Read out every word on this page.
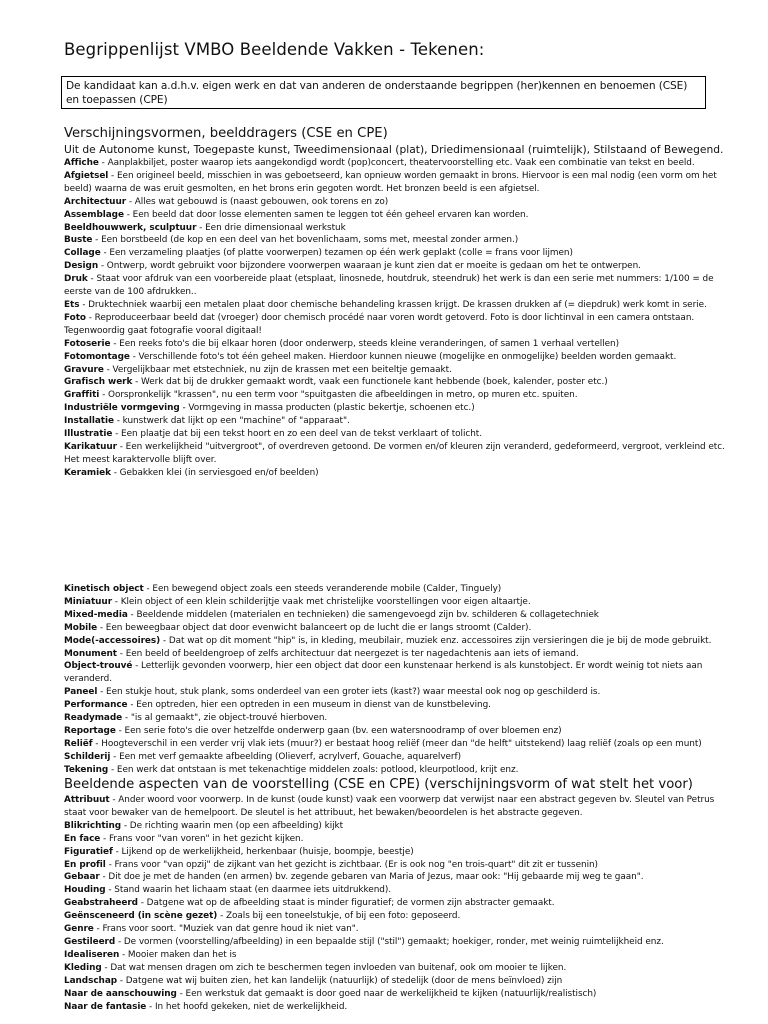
Begrippenlijst VMBO Beeldende Vakken - Tekenen:
De kandidaat kan a.d.h.v. eigen werk en dat van anderen de onderstaande begrippen (her)kennen en benoemen (CSE)
en toepassen (CPE)
Verschijningsvormen, beelddragers (CSE en CPE)
Uit de Autonome kunst, Toegepaste kunst, Tweedimensionaal (plat), Driedimensionaal (ruimtelijk), Stilstaand of Bewegend.
Affiche - Aanplakbiljet, poster waarop iets aangekondigd wordt (pop)concert, theatervoorstelling etc. Vaak een combinatie van tekst en beeld.
Afgietsel - Een origineel beeld, misschien in was geboetseerd, kan opnieuw worden gemaakt in brons. Hiervoor is een mal nodig (een vorm om het
beeld) waarna de was eruit gesmolten, en het brons erin gegoten wordt. Het bronzen beeld is een afgietsel.
Architectuur - Alles wat gebouwd is (naast gebouwen, ook torens en zo)
Assemblage - Een beeld dat door losse elementen samen te leggen tot één geheel ervaren kan worden.
Beeldhouwwerk, sculptuur - Een drie dimensionaal werkstuk
Buste - Een borstbeeld (de kop en een deel van het bovenlichaam, soms met, meestal zonder armen.)
Collage - Een verzameling plaatjes (of platte voorwerpen) tezamen op één werk geplakt (colle = frans voor lijmen)
Design - Ontwerp, wordt gebruikt voor bijzondere voorwerpen waaraan je kunt zien dat er moeite is gedaan om het te ontwerpen.
Druk - Staat voor afdruk van een voorbereide plaat (etsplaat, linosnede, houtdruk, steendruk) het werk is dan een serie met nummers: 1/100 = de
eerste van de 100 afdrukken..
Ets - Druktechniek waarbij een metalen plaat door chemische behandeling krassen krijgt. De krassen drukken af (= diepdruk) werk komt in serie.
Foto - Reproduceerbaar beeld dat (vroeger) door chemisch procédé naar voren wordt getoverd. Foto is door lichtinval in een camera ontstaan.
Tegenwoordig gaat fotografie vooral digitaal!
Fotoserie - Een reeks foto's die bij elkaar horen (door onderwerp, steeds kleine veranderingen, of samen 1 verhaal vertellen)
Fotomontage - Verschillende foto's tot één geheel maken. Hierdoor kunnen nieuwe (mogelijke en onmogelijke) beelden worden gemaakt.
Gravure - Vergelijkbaar met etstechniek, nu zijn de krassen met een beiteltje gemaakt.
Grafisch werk - Werk dat bij de drukker gemaakt wordt, vaak een functionele kant hebbende (boek, kalender, poster etc.)
Graffiti - Oorspronkelijk "krassen", nu een term voor "spuitgasten die afbeeldingen in metro, op muren etc. spuiten.
Industriële vormgeving - Vormgeving in massa producten (plastic bekertje, schoenen etc.)
Installatie - kunstwerk dat lijkt op een "machine" of "apparaat".
Illustratie - Een plaatje dat bij een tekst hoort en zo een deel van de tekst verklaart of tolicht.
Karikatuur - Een werkelijkheid "uitvergroot", of overdreven getoond. De vormen en/of kleuren zijn veranderd, gedeformeerd, vergroot, verkleind etc.
Het meest karaktervolle blijft over.
Keramiek - Gebakken klei (in serviesgoed en/of beelden)
Kinetisch object - Een bewegend object zoals een steeds veranderende mobile (Calder, Tinguely)
Miniatuur - Klein object of een klein schilderijtje vaak met christelijke voorstellingen voor eigen altaartje.
Mixed-media - Beeldende middelen (materialen en technieken) die samengevoegd zijn bv. schilderen & collagetechniek
Mobile - Een beweegbaar object dat door evenwicht balanceert op de lucht die er langs stroomt (Calder).
Mode(-accessoires) - Dat wat op dit moment "hip" is, in kleding, meubilair, muziek enz. accessoires zijn versieringen die je bij de mode gebruikt.
Monument - Een beeld of beeldengroep of zelfs architectuur dat neergezet is ter nagedachtenis aan iets of iemand.
Object-trouvé - Letterlijk gevonden voorwerp, hier een object dat door een kunstenaar herkend is als kunstobject. Er wordt weinig tot niets aan
veranderd.
Paneel - Een stukje hout, stuk plank, soms onderdeel van een groter iets (kast?) waar meestal ook nog op geschilderd is.
Performance - Een optreden, hier een optreden in een museum in dienst van de kunstbeleving.
Readymade - "is al gemaakt", zie object-trouvé hierboven.
Reportage - Een serie foto's die over hetzelfde onderwerp gaan (bv. een watersnoodramp of over bloemen enz)
Reliëf - Hoogteverschil in een verder vrij vlak iets (muur?) er bestaat hoog reliëf (meer dan "de helft" uitstekend) laag reliëf (zoals op een munt)
Schilderij - Een met verf gemaakte afbeelding (Olieverf, acrylverf, Gouache, aquarelverf)
Tekening - Een werk dat ontstaan is met tekenachtige middelen zoals: potlood, kleurpotlood, krijt enz.
Beeldende aspecten van de voorstelling (CSE en CPE) (verschijningsvorm of wat stelt het voor)
Attribuut - Ander woord voor voorwerp. In de kunst (oude kunst) vaak een voorwerp dat verwijst naar een abstract gegeven bv. Sleutel van Petrus
staat voor bewaker van de hemelpoort. De sleutel is het attribuut, het bewaken/beoordelen is het abstracte gegeven.
Blikrichting - De richting waarin men (op een afbeelding) kijkt
En face - Frans voor "van voren" in het gezicht kijken.
Figuratief - Lijkend op de werkelijkheid, herkenbaar (huisje, boompje, beestje)
En profil - Frans voor "van opzij" de zijkant van het gezicht is zichtbaar. (Er is ook nog "en trois-quart" dit zit er tussenin)
Gebaar - Dit doe je met de handen (en armen) bv. zegende gebaren van Maria of Jezus, maar ook: "Hij gebaarde mij weg te gaan".
Houding - Stand waarin het lichaam staat (en daarmee iets uitdrukkend).
Geabstraheerd - Datgene wat op de afbeelding staat is minder figuratief; de vormen zijn abstracter gemaakt.
Geënsceneerd (in scène gezet) - Zoals bij een toneelstukje, of bij een foto: geposeerd.
Genre - Frans voor soort. "Muziek van dat genre houd ik niet van".
Gestileerd - De vormen (voorstelling/afbeelding) in een bepaalde stijl ("stil") gemaakt; hoekiger, ronder, met weinig ruimtelijkheid enz.
Idealiseren - Mooier maken dan het is
Kleding - Dat wat mensen dragen om zich te beschermen tegen invloeden van buitenaf, ook om mooier te lijken.
Landschap - Datgene wat wij buiten zien, het kan landelijk (natuurlijk) of stedelijk (door de mens beïnvloed) zijn
Naar de aanschouwing - Een werkstuk dat gemaakt is door goed naar de werkelijkheid te kijken (natuurlijk/realistisch)
Naar de fantasie - In het hoofd gekeken, niet de werkelijkheid.
